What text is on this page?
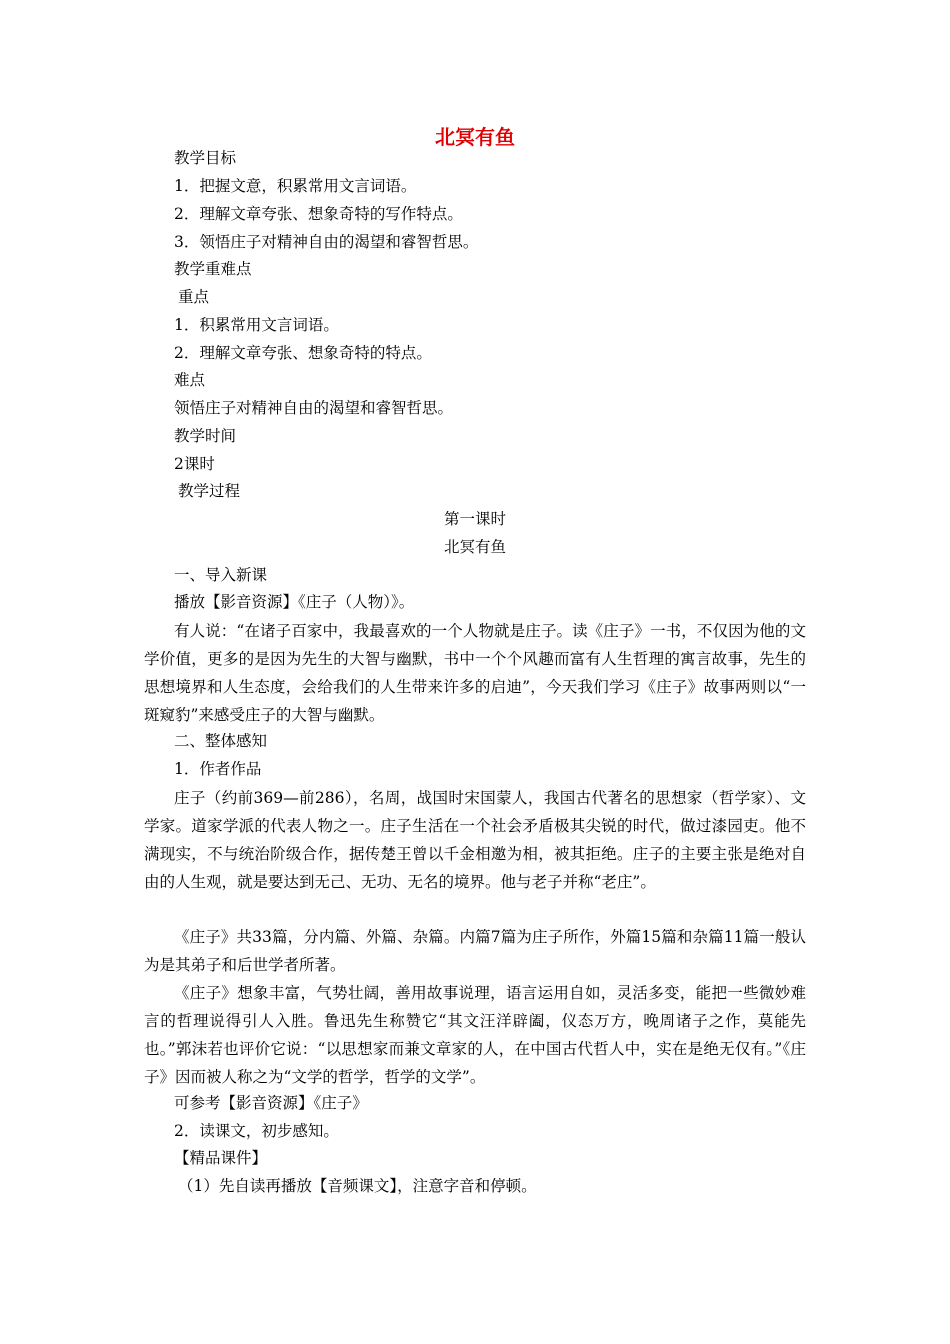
北冥有鱼
教学目标
1．把握文意，积累常用文言词语。
2．理解文章夸张、想象奇特的写作特点。
3．领悟庄子对精神自由的渴望和睿智哲思。
教学重难点
重点
1．积累常用文言词语。
2．理解文章夸张、想象奇特的特点。
难点
领悟庄子对精神自由的渴望和睿智哲思。
教学时间
2课时
教学过程
第一课时
北冥有鱼
一、导入新课
播放【影音资源】《庄子（人物）》。
有人说：“在诸子百家中，我最喜欢的一个人物就是庄子。读《庄子》一书，不仅因为他的文学价值，更多的是因为先生的大智与幽默，书中一个个风趣而富有人生哲理的寓言故事，先生的思想境界和人生态度，会给我们的人生带来许多的启迪”，今天我们学习《庄子》故事两则以“一斑窥豹”来感受庄子的大智与幽默。
二、整体感知
1．作者作品
庄子（约前369—前286），名周，战国时宋国蒙人，我国古代著名的思想家（哲学家）、文学家。道家学派的代表人物之一。庄子生活在一个社会矛盾极其尖锐的时代，做过漆园吏。他不满现实，不与统治阶级合作，据传楚王曾以千金相邀为相，被其拒绝。庄子的主要主张是绝对自由的人生观，就是要达到无己、无功、无名的境界。他与老子并称“老庄”。
《庄子》共33篇，分内篇、外篇、杂篇。内篇7篇为庄子所作，外篇15篇和杂篇11篇一般认为是其弟子和后世学者所著。
《庄子》想象丰富，气势壮阔，善用故事说理，语言运用自如，灵活多变，能把一些微妙难言的哲理说得引人入胜。鲁迅先生称赞它“其文汪洋辟阖，仪态万方，晚周诸子之作，莫能先也。”郭沫若也评价它说：“以思想家而兼文章家的人，在中国古代哲人中，实在是绝无仅有。”《庄子》因而被人称之为“文学的哲学，哲学的文学”。
可参考【影音资源】《庄子》
2．读课文，初步感知。
【精品课件】
（1）先自读再播放【音频课文】，注意字音和停顿。
